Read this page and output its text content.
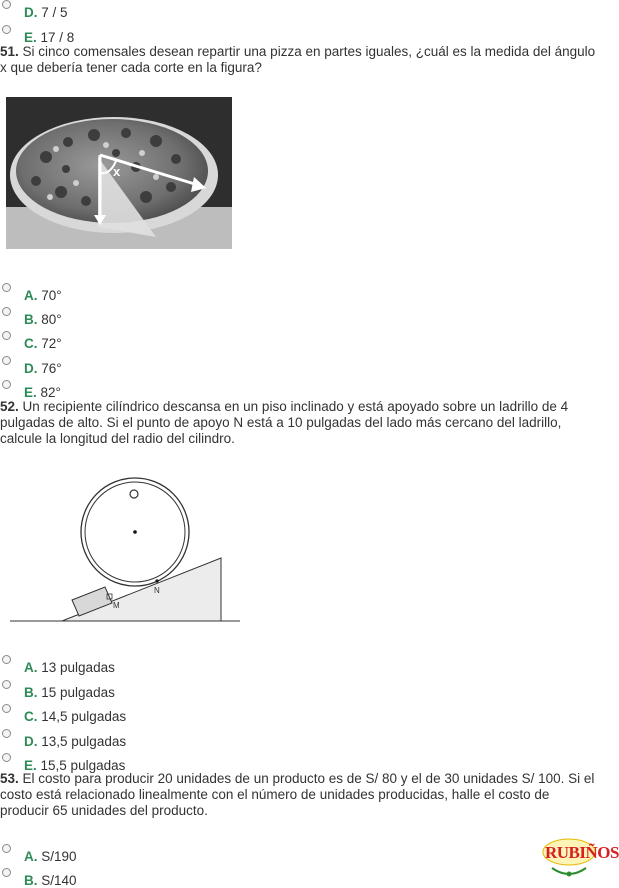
D. 7 / 5
E. 17 / 8
51. Si cinco comensales desean repartir una pizza en partes iguales, ¿cuál es la medida del ángulo x que debería tener cada corte en la figura?
x
A. 70°
B. 80°
C. 72°
D. 76°
E. 82°
52. Un recipiente cilíndrico descansa en un piso inclinado y está apoyado sobre un ladrillo de 4 pulgadas de alto. Si el punto de apoyo N está a 10 pulgadas del lado más cercano del ladrillo, calcule la longitud del radio del cilindro.
M
N
A. 13 pulgadas
B. 15 pulgadas
C. 14,5 pulgadas
D. 13,5 pulgadas
E. 15,5 pulgadas
53. El costo para producir 20 unidades de un producto es de S/ 80 y el de 30 unidades S/ 100. Si el costo está relacionado linealmente con el número de unidades producidas, halle el costo de producir 65 unidades del producto.
A. S/190
B. S/140
RUBIÑOS
